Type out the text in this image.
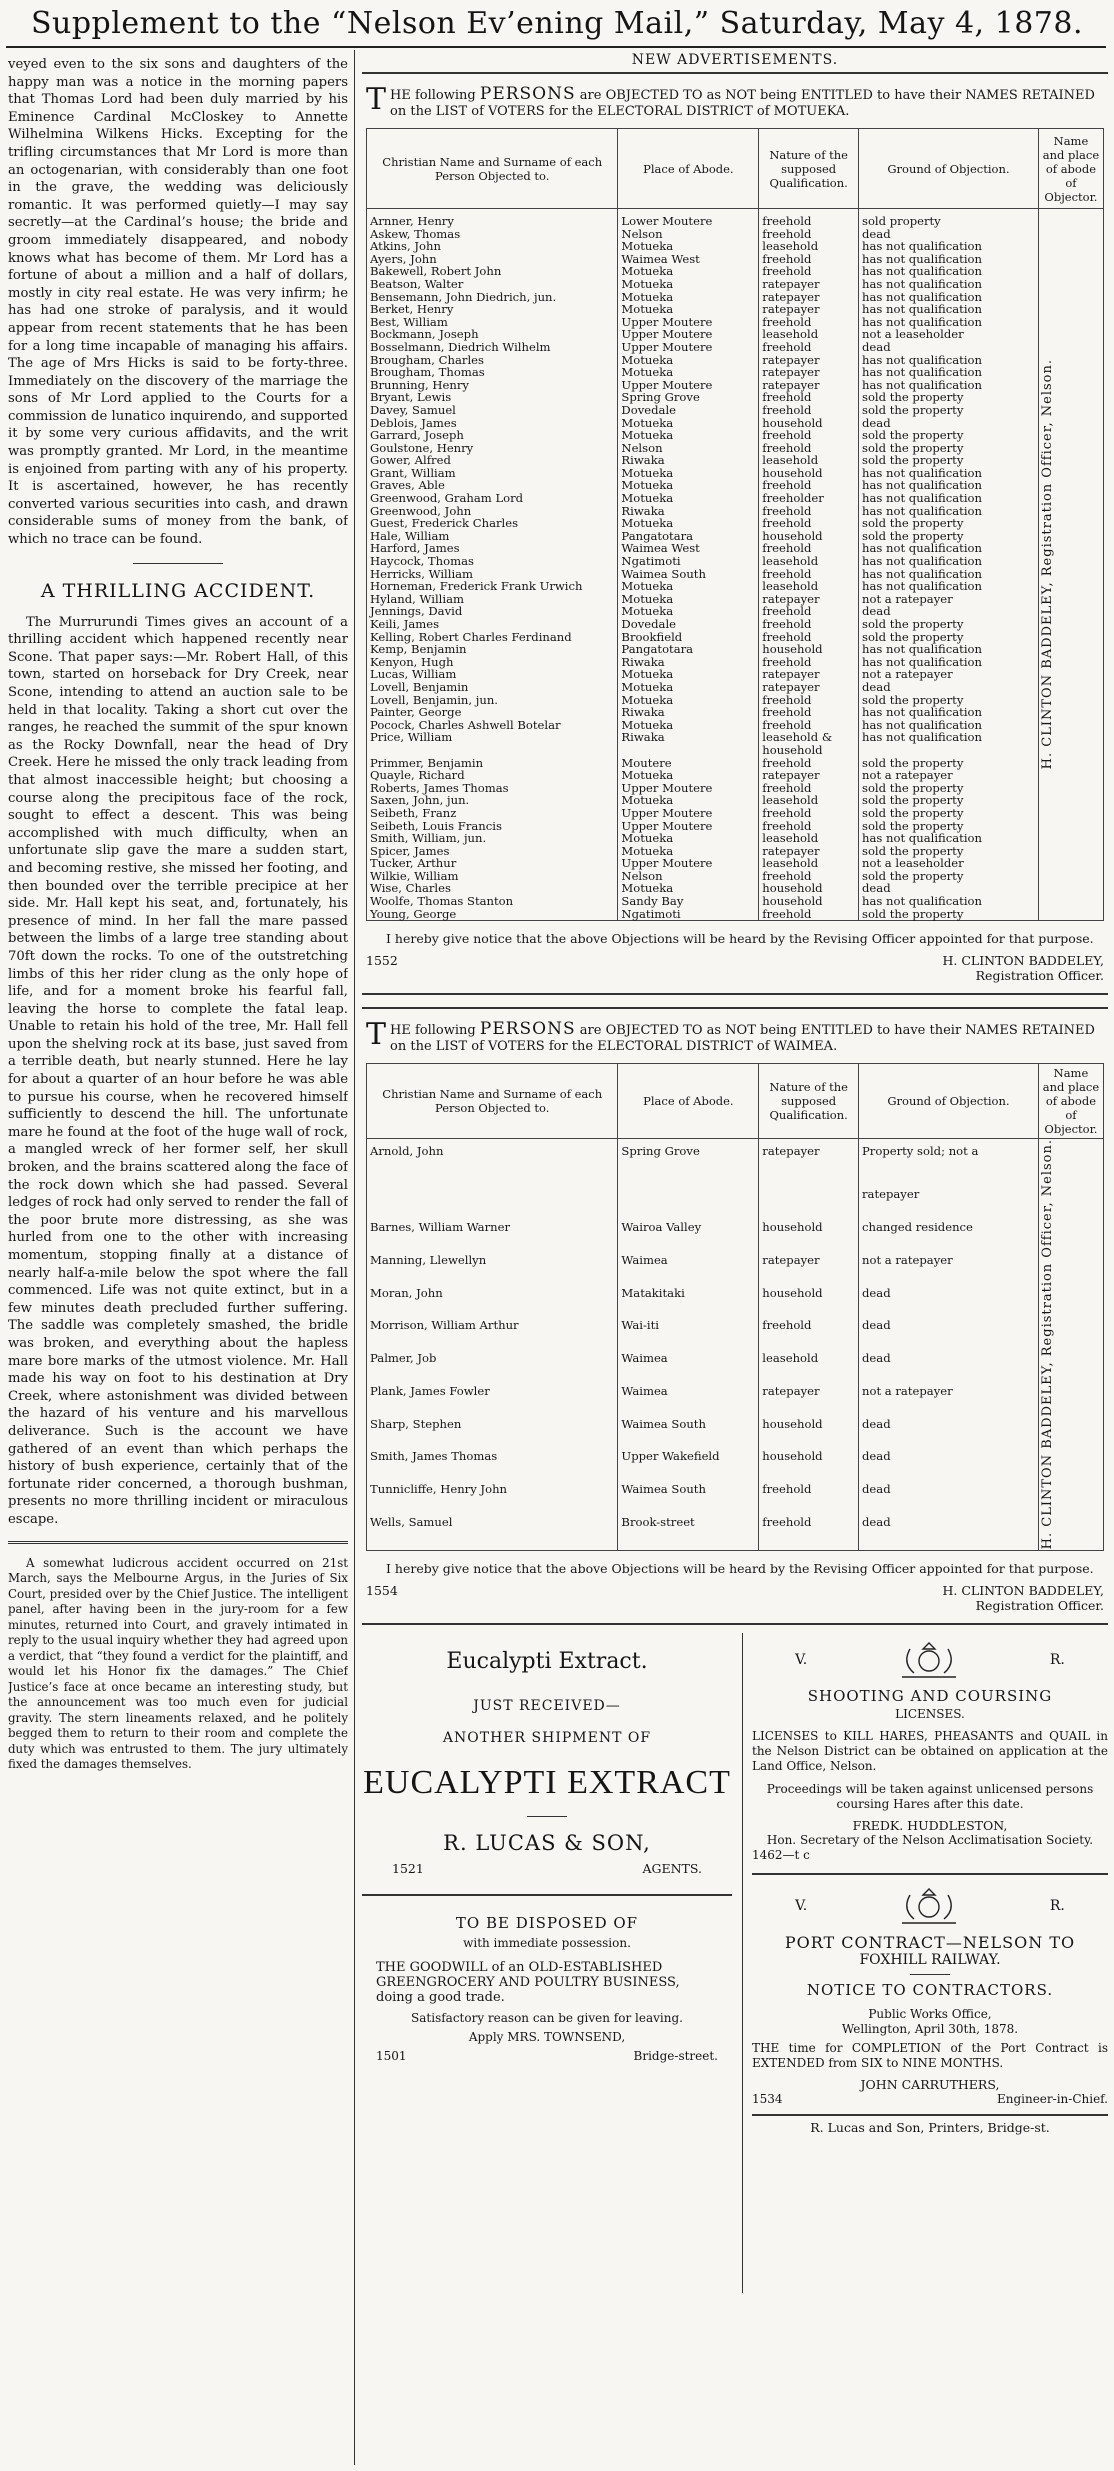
Supplement to the “Nelson Ev’ening Mail,” Saturday, May 4, 1878.

veyed even to the six sons and daughters of the happy man was a notice in the morning papers that Thomas Lord had been duly married by his Eminence Cardinal McCloskey to Annette Wilhelmina Wilkens Hicks. Excepting for the trifling circumstances that Mr Lord is more than an octogenarian, with considerably than one foot in the grave, the wedding was deliciously romantic. It was performed quietly—I may say secretly—at the Cardinal’s house; the bride and groom immediately disappeared, and nobody knows what has become of them. Mr Lord has a fortune of about a million and a half of dollars, mostly in city real estate. He was very infirm; he has had one stroke of paralysis, and it would appear from recent statements that he has been for a long time incapable of managing his affairs. The age of Mrs Hicks is said to be forty-three. Immediately on the discovery of the marriage the sons of Mr Lord applied to the Courts for a commission de lunatico inquirendo, and supported it by some very curious affidavits, and the writ was promptly granted. Mr Lord, in the meantime is enjoined from parting with any of his property. It is ascertained, however, he has recently converted various securities into cash, and drawn considerable sums of money from the bank, of which no trace can be found.

A THRILLING ACCIDENT.

The Murrurundi Times gives an account of a thrilling accident which happened recently near Scone. That paper says:—Mr. Robert Hall, of this town, started on horseback for Dry Creek, near Scone, intending to attend an auction sale to be held in that locality. Taking a short cut over the ranges, he reached the summit of the spur known as the Rocky Downfall, near the head of Dry Creek. Here he missed the only track leading from that almost inaccessible height; but choosing a course along the precipitous face of the rock, sought to effect a descent. This was being accomplished with much difficulty, when an unfortunate slip gave the mare a sudden start, and becoming restive, she missed her footing, and then bounded over the terrible precipice at her side. Mr. Hall kept his seat, and, fortunately, his presence of mind. In her fall the mare passed between the limbs of a large tree standing about 70ft down the rocks. To one of the outstretching limbs of this her rider clung as the only hope of life, and for a moment broke his fearful fall, leaving the horse to complete the fatal leap. Unable to retain his hold of the tree, Mr. Hall fell upon the shelving rock at its base, just saved from a terrible death, but nearly stunned. Here he lay for about a quarter of an hour before he was able to pursue his course, when he recovered himself sufficiently to descend the hill. The unfortunate mare he found at the foot of the huge wall of rock, a mangled wreck of her former self, her skull broken, and the brains scattered along the face of the rock down which she had passed. Several ledges of rock had only served to render the fall of the poor brute more distressing, as she was hurled from one to the other with increasing momentum, stopping finally at a distance of nearly half-a-mile below the spot where the fall commenced. Life was not quite extinct, but in a few minutes death precluded further suffering. The saddle was completely smashed, the bridle was broken, and everything about the hapless mare bore marks of the utmost violence. Mr. Hall made his way on foot to his destination at Dry Creek, where astonishment was divided between the hazard of his venture and his marvellous deliverance. Such is the account we have gathered of an event than which perhaps the history of bush experience, certainly that of the fortunate rider concerned, a thorough bushman, presents no more thrilling incident or miraculous escape.

A somewhat ludicrous accident occurred on 21st March, says the Melbourne Argus, in the Juries of Six Court, presided over by the Chief Justice. The intelligent panel, after having been in the jury-room for a few minutes, returned into Court, and gravely intimated in reply to the usual inquiry whether they had agreed upon a verdict, that “they found a verdict for the plaintiff, and would let his Honor fix the damages.” The Chief Justice’s face at once became an interesting study, but the announcement was too much even for judicial gravity. The stern lineaments relaxed, and he politely begged them to return to their room and complete the duty which was entrusted to them. The jury ultimately fixed the damages themselves.

NEW ADVERTISEMENTS.
T HE following PERSONS are OBJECTED TO as NOT being ENTITLED to have their NAMES RETAINED on the LIST of VOTERS for the ELECTORAL DISTRICT of MOTUEKA.
Christian Name and Surname of each Person Objected to.	Place of Abode.	Nature of the supposed Qualification.	Ground of Objection.	Name and place of abode of Objector.
Arnner, Henry	Lower Moutere	freehold	sold property	H. CLINTON BADDELEY, Registration Officer, Nelson.

Askew, Thomas	Nelson	freehold	dead	
Atkins, John	Motueka	leasehold	has not qualification	
Ayers, John	Waimea West	freehold	has not qualification	
Bakewell, Robert John	Motueka	freehold	has not qualification	
Beatson, Walter	Motueka	ratepayer	has not qualification	
Bensemann, John Diedrich, jun.	Motueka	ratepayer	has not qualification	
Berket, Henry	Motueka	ratepayer	has not qualification	
Best, William	Upper Moutere	freehold	has not qualification	
Bockmann, Joseph	Upper Moutere	leasehold	not a leaseholder	
Bosselmann, Diedrich Wilhelm	Upper Moutere	freehold	dead	
Brougham, Charles	Motueka	ratepayer	has not qualification	
Brougham, Thomas	Motueka	ratepayer	has not qualification	
Brunning, Henry	Upper Moutere	ratepayer	has not qualification	
Bryant, Lewis	Spring Grove	freehold	sold the property	
Davey, Samuel	Dovedale	freehold	sold the property	
Deblois, James	Motueka	household	dead	
Garrard, Joseph	Motueka	freehold	sold the property	
Goulstone, Henry	Nelson	freehold	sold the property	
Gower, Alfred	Riwaka	leasehold	sold the property	
Grant, William	Motueka	household	has not qualification	
Graves, Able	Motueka	freehold	has not qualification	
Greenwood, Graham Lord	Motueka	freeholder	has not qualification	
Greenwood, John	Riwaka	freehold	has not qualification	
Guest, Frederick Charles	Motueka	freehold	sold the property	
Hale, William	Pangatotara	household	sold the property	
Harford, James	Waimea West	freehold	has not qualification	
Haycock, Thomas	Ngatimoti	leasehold	has not qualification	
Herricks, William	Waimea South	freehold	has not qualification	
Horneman, Frederick Frank Urwich	Motueka	leasehold	has not qualification	

Hyland, William	Motueka	ratepayer	not a ratepayer	
Jennings, David	Motueka	freehold	dead	
Keili, James	Dovedale	freehold	sold the property	
Kelling, Robert Charles Ferdinand	Brookfield	freehold	sold the property	
Kemp, Benjamin	Pangatotara	household	has not qualification	
Kenyon, Hugh	Riwaka	freehold	has not qualification	
Lucas, William	Motueka	ratepayer	not a ratepayer	
Lovell, Benjamin	Motueka	ratepayer	dead	
Lovell, Benjamin, jun.	Motueka	freehold	sold the property	
Painter, George	Riwaka	freehold	has not qualification	
Pocock, Charles Ashwell Botelar	Motueka	freehold	has not qualification	
Price, William	Riwaka	leasehold &	has not qualification	
		household		
Primmer, Benjamin	Moutere	freehold	sold the property	
Quayle, Richard	Motueka	ratepayer	not a ratepayer	
Roberts, James Thomas	Upper Moutere	freehold	sold the property	
Saxen, John, jun.	Motueka	leasehold	sold the property	
Seibeth, Franz	Upper Moutere	freehold	sold the property	
Seibeth, Louis Francis	Upper Moutere	freehold	sold the property	
Smith, William, jun.	Motueka	leasehold	has not qualification	
Spicer, James	Motueka	ratepayer	sold the property	
Tucker, Arthur	Upper Moutere	leasehold	not a leaseholder	
Wilkie, William	Nelson	freehold	sold the property	
Wise, Charles	Motueka	household	dead	
Woolfe, Thomas Stanton	Sandy Bay	household	has not qualification	
Young, George	Ngatimoti	freehold	sold the property	

I hereby give notice that the above Objections will be heard by the Revising Officer appointed for that purpose.

1552	H. CLINTON BADDELEY,
Registration Officer.
T HE following PERSONS are OBJECTED TO as NOT being ENTITLED to have their NAMES RETAINED on the LIST of VOTERS for the ELECTORAL DISTRICT of WAIMEA.
Christian Name and Surname of each Person Objected to.	Place of Abode.	Nature of the supposed Qualification.	Ground of Objection.	Name and place of abode of Objector.
Arnold, John	Spring Grove	ratepayer	Property sold; not a	H. CLINTON BADDELEY, Registration Officer, Nelson.

			ratepayer	
Barnes, William Warner	Wairoa Valley	household	changed residence	
Manning, Llewellyn	Waimea	ratepayer	not a ratepayer	
Moran, John	Matakitaki	household	dead	
Morrison, William Arthur	Wai-iti	freehold	dead	
Palmer, Job	Waimea	leasehold	dead	
Plank, James Fowler	Waimea	ratepayer	not a ratepayer	
Sharp, Stephen	Waimea South	household	dead	
Smith, James Thomas	Upper Wakefield	household	dead	
Tunnicliffe, Henry John	Waimea South	freehold	dead	
Wells, Samuel	Brook-street	freehold	dead	

I hereby give notice that the above Objections will be heard by the Revising Officer appointed for that purpose.

1554	H. CLINTON BADDELEY,
Registration Officer.
Eucalypti Extract.
JUST RECEIVED—
ANOTHER SHIPMENT OF
EUCALYPTI EXTRACT
R. LUCAS & SON,
1521	AGENTS.
TO BE DISPOSED OF
with immediate possession.
THE GOODWILL of an OLD-ESTABLISHED GREENGROCERY AND POULTRY BUSINESS, doing a good trade.
Satisfactory reason can be given for leaving.
Apply MRS. TOWNSEND,
1501	Bridge-street.
V.	R.
SHOOTING AND COURSING
LICENSES.
LICENSES to KILL HARES, PHEASANTS and QUAIL in the Nelson District can be obtained on application at the Land Office, Nelson.
Proceedings will be taken against unlicensed persons coursing Hares after this date.
FREDK. HUDDLESTON,
Hon. Secretary of the Nelson Acclimatisation Society.
1462—t c
V.	R.
PORT CONTRACT—NELSON TO
FOXHILL RAILWAY.
NOTICE TO CONTRACTORS.
Public Works Office,
Wellington, April 30th, 1878.
THE time for COMPLETION of the Port Contract is EXTENDED from SIX to NINE MONTHS.
JOHN CARRUTHERS,
1534	Engineer-in-Chief.
R. Lucas and Son, Printers, Bridge-st.
